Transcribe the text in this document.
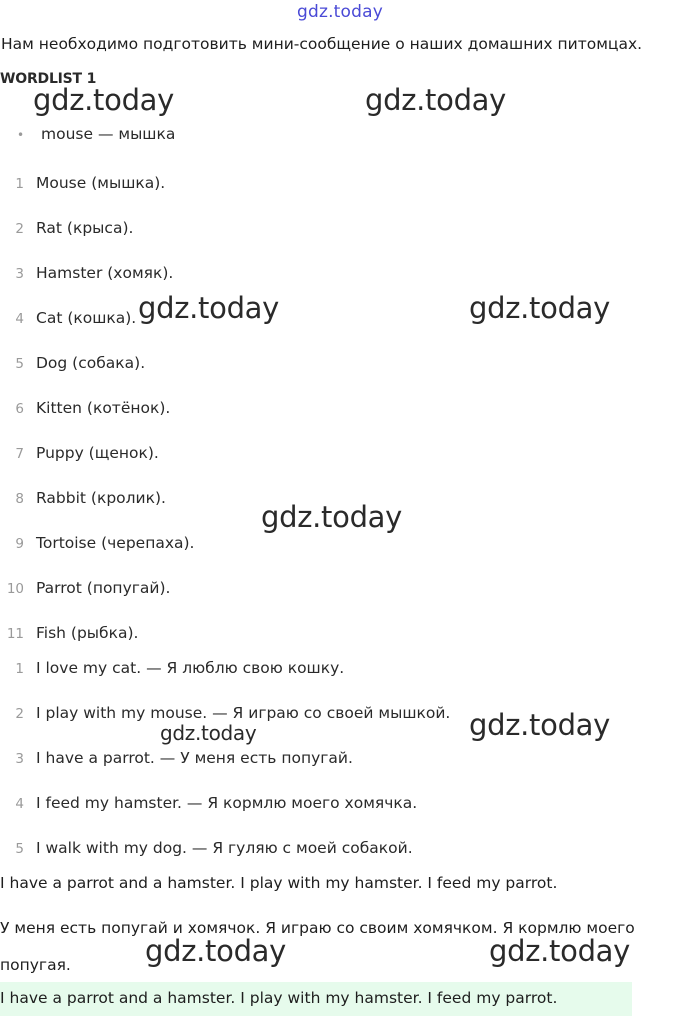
gdz.today
Нам необходимо подготовить мини-сообщение о наших домашних питомцах.
WORDLIST 1
• mouse — мышка
1 Mouse (мышка).
2 Rat (крыса).
3 Hamster (хомяк).
4 Cat (кошка).
5 Dog (собака).
6 Kitten (котёнок).
7 Puppy (щенок).
8 Rabbit (кролик).
9 Tortoise (черепаха).
10 Parrot (попугай).
11 Fish (рыбка).
1 I love my cat. — Я люблю свою кошку.
2 I play with my mouse. — Я играю со своей мышкой.
3 I have a parrot. — У меня есть попугай.
4 I feed my hamster. — Я кормлю моего хомячка.
5 I walk with my dog. — Я гуляю с моей собакой.
I have a parrot and a hamster. I play with my hamster. I feed my parrot.
У меня есть попугай и хомячок. Я играю со своим хомячком. Я кормлю моего
попугая.
I have a parrot and a hamster. I play with my hamster. I feed my parrot.
gdz.today	gdz.today
gdz.today	gdz.today
gdz.today
gdz.today
gdz.today
gdz.today	gdz.today
